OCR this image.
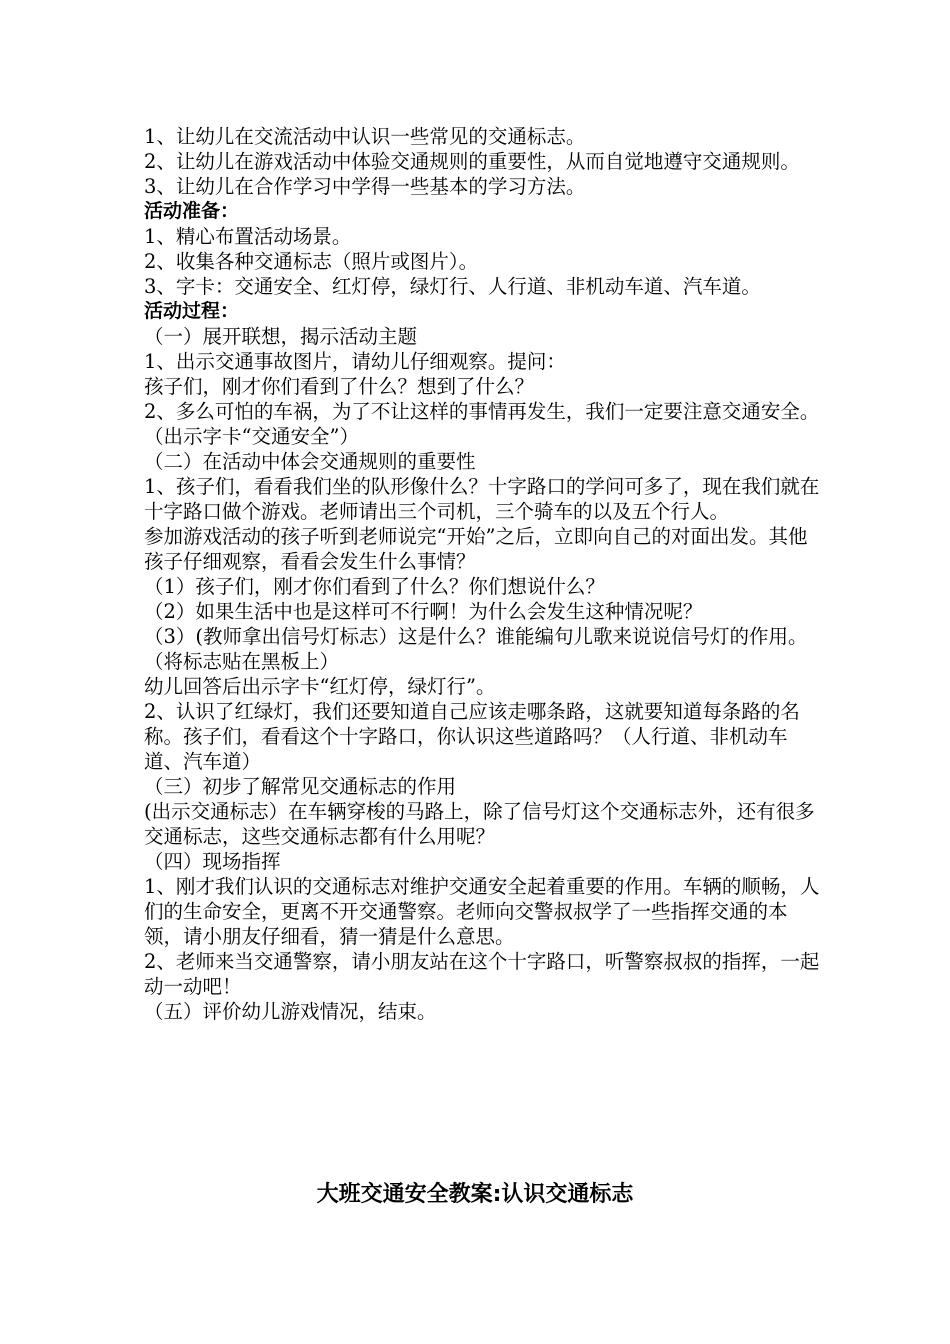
1、让幼儿在交流活动中认识一些常见的交通标志。

2、让幼儿在游戏活动中体验交通规则的重要性，从而自觉地遵守交通规则。

3、让幼儿在合作学习中学得一些基本的学习方法。

活动准备：

1、精心布置活动场景。

2、收集各种交通标志（照片或图片）。

3、字卡：交通安全、红灯停，绿灯行、人行道、非机动车道、汽车道。

活动过程：

（一）展开联想，揭示活动主题

1、出示交通事故图片，请幼儿仔细观察。提问：

孩子们，刚才你们看到了什么？想到了什么？

2、多么可怕的车祸，为了不让这样的事情再发生，我们一定要注意交通安全。（出示字卡“交通安全”）

（二）在活动中体会交通规则的重要性

1、孩子们，看看我们坐的队形像什么？十字路口的学问可多了，现在我们就在十字路口做个游戏。老师请出三个司机，三个骑车的以及五个行人。

参加游戏活动的孩子听到老师说完“开始”之后，立即向自己的对面出发。其他孩子仔细观察，看看会发生什么事情？

（1）孩子们，刚才你们看到了什么？你们想说什么？

（2）如果生活中也是这样可不行啊！为什么会发生这种情况呢？

（3）(教师拿出信号灯标志）这是什么？谁能编句儿歌来说说信号灯的作用。（将标志贴在黑板上）

幼儿回答后出示字卡“红灯停，绿灯行”。

2、认识了红绿灯，我们还要知道自己应该走哪条路，这就要知道每条路的名称。孩子们，看看这个十字路口，你认识这些道路吗？（人行道、非机动车道、汽车道）

（三）初步了解常见交通标志的作用

(出示交通标志）在车辆穿梭的马路上，除了信号灯这个交通标志外，还有很多交通标志，这些交通标志都有什么用呢？

（四）现场指挥

1、刚才我们认识的交通标志对维护交通安全起着重要的作用。车辆的顺畅，人们的生命安全，更离不开交通警察。老师向交警叔叔学了一些指挥交通的本领，请小朋友仔细看，猜一猜是什么意思。

2、老师来当交通警察，请小朋友站在这个十字路口，听警察叔叔的指挥，一起动一动吧！

（五）评价幼儿游戏情况，结束。

大班交通安全教案:认识交通标志
